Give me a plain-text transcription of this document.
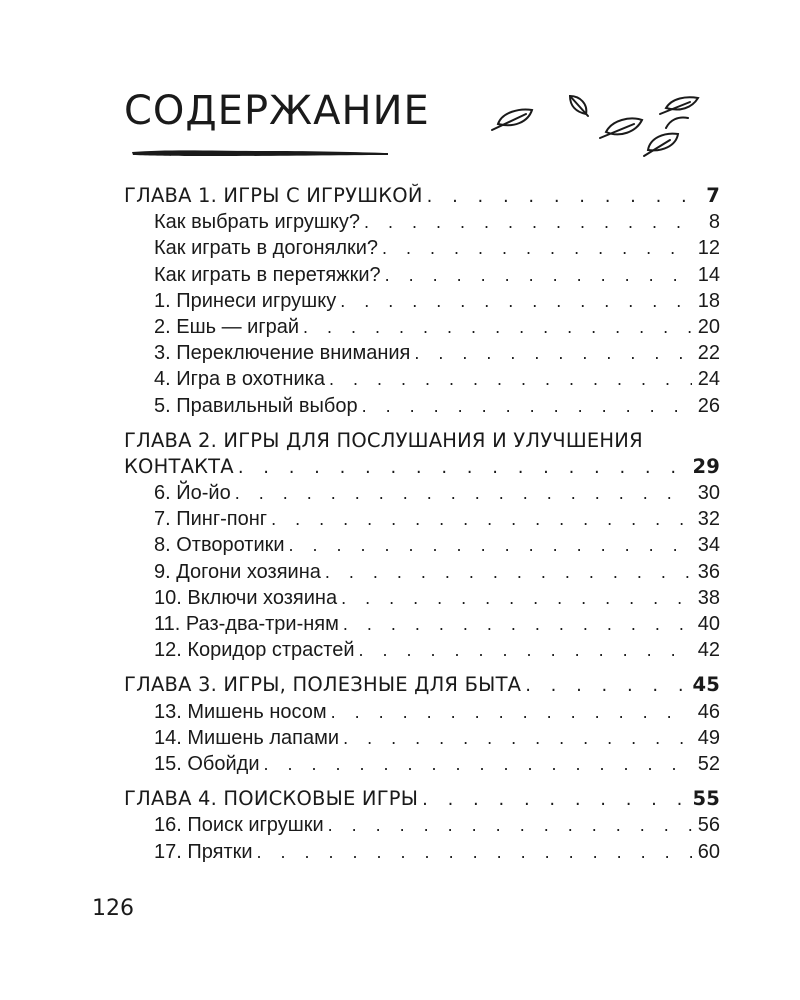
СОДЕРЖАНИЕ
ГЛАВА 1. ИГРЫ С ИГРУШКОЙ . . .	7
Как выбрать игрушку? . . .	8
Как играть в догонялки? . . .	12
Как играть в перетяжки? . . .	14
1. Принеси игрушку . . .	18
2. Ешь — играй . . .	20
3. Переключение внимания . . .	22
4. Игра в охотника . . .	24
5. Правильный выбор . . .	26
ГЛАВА 2. ИГРЫ ДЛЯ ПОСЛУШАНИЯ И УЛУЧШЕНИЯ
КОНТАКТА . . .	29
6. Йо-йо . . .	30
7. Пинг-понг . . .	32
8. Отворотики . . .	34
9. Догони хозяина . . .	36
10. Включи хозяина . . .	38
11. Раз-два-три-ням . . .	40
12. Коридор страстей . . .	42
ГЛАВА 3. ИГРЫ, ПОЛЕЗНЫЕ ДЛЯ БЫТА . . .	45
13. Мишень носом . . .	46
14. Мишень лапами . . .	49
15. Обойди . . .	52
ГЛАВА 4. ПОИСКОВЫЕ ИГРЫ . . .	55
16. Поиск игрушки . . .	56
17. Прятки . . .	60
126
